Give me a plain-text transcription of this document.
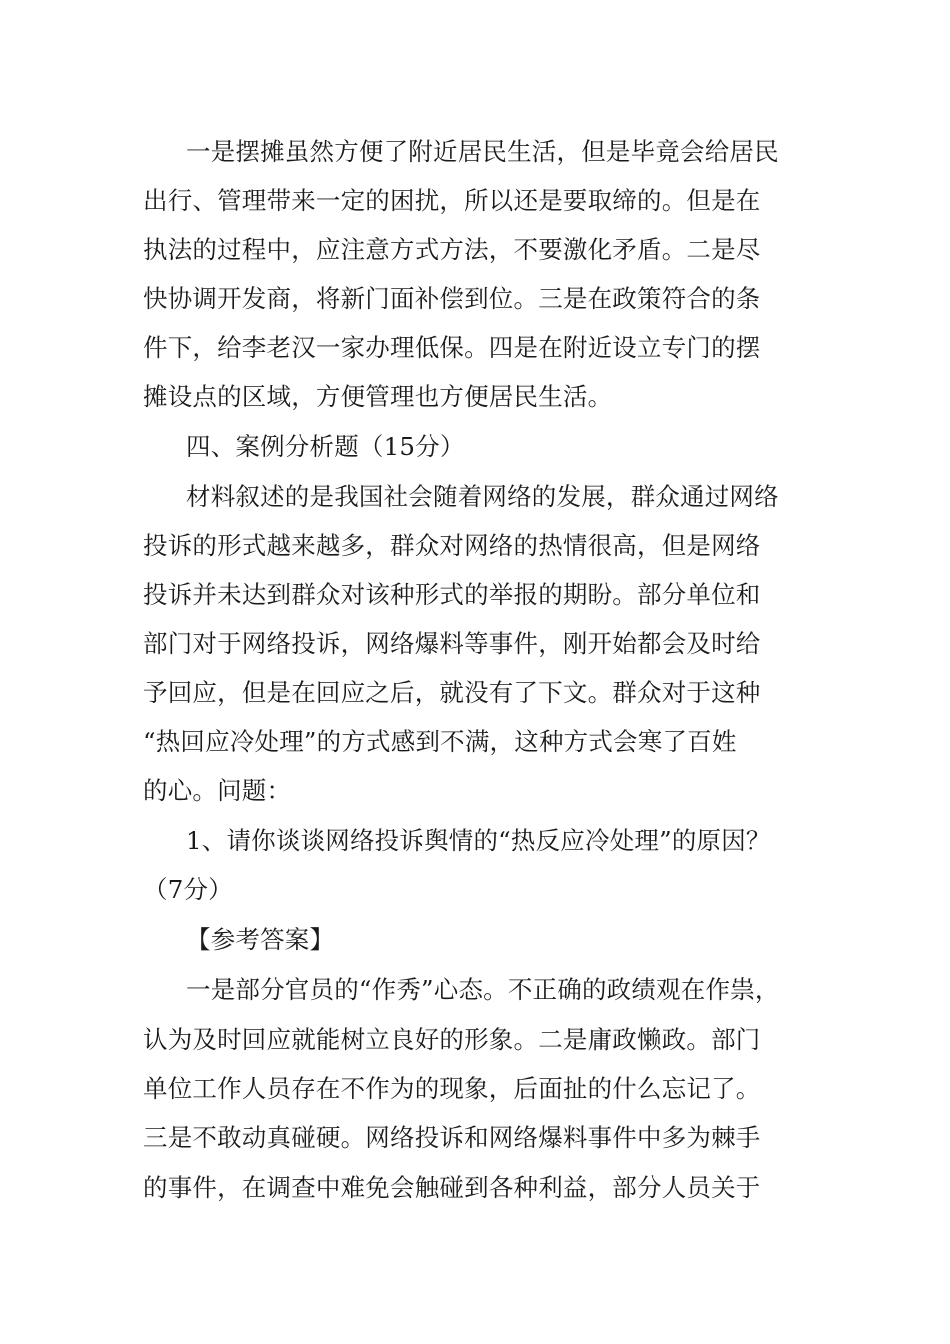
一是摆摊虽然方便了附近居民生活，但是毕竟会给居民
出行、管理带来一定的困扰，所以还是要取缔的。但是在
执法的过程中，应注意方式方法，不要激化矛盾。二是尽
快协调开发商，将新门面补偿到位。三是在政策符合的条
件下，给李老汉一家办理低保。四是在附近设立专门的摆
摊设点的区域，方便管理也方便居民生活。
四、案例分析题（15分）
材料叙述的是我国社会随着网络的发展，群众通过网络
投诉的形式越来越多，群众对网络的热情很高，但是网络
投诉并未达到群众对该种形式的举报的期盼。部分单位和
部门对于网络投诉，网络爆料等事件，刚开始都会及时给
予回应，但是在回应之后，就没有了下文。群众对于这种
“热回应冷处理”的方式感到不满，这种方式会寒了百姓
的心。问题：
1、请你谈谈网络投诉舆情的“热反应冷处理”的原因？
（7分）
【参考答案】
一是部分官员的“作秀”心态。不正确的政绩观在作祟，
认为及时回应就能树立良好的形象。二是庸政懒政。部门
单位工作人员存在不作为的现象，后面扯的什么忘记了。
三是不敢动真碰硬。网络投诉和网络爆料事件中多为棘手
的事件，在调查中难免会触碰到各种利益，部分人员关于
